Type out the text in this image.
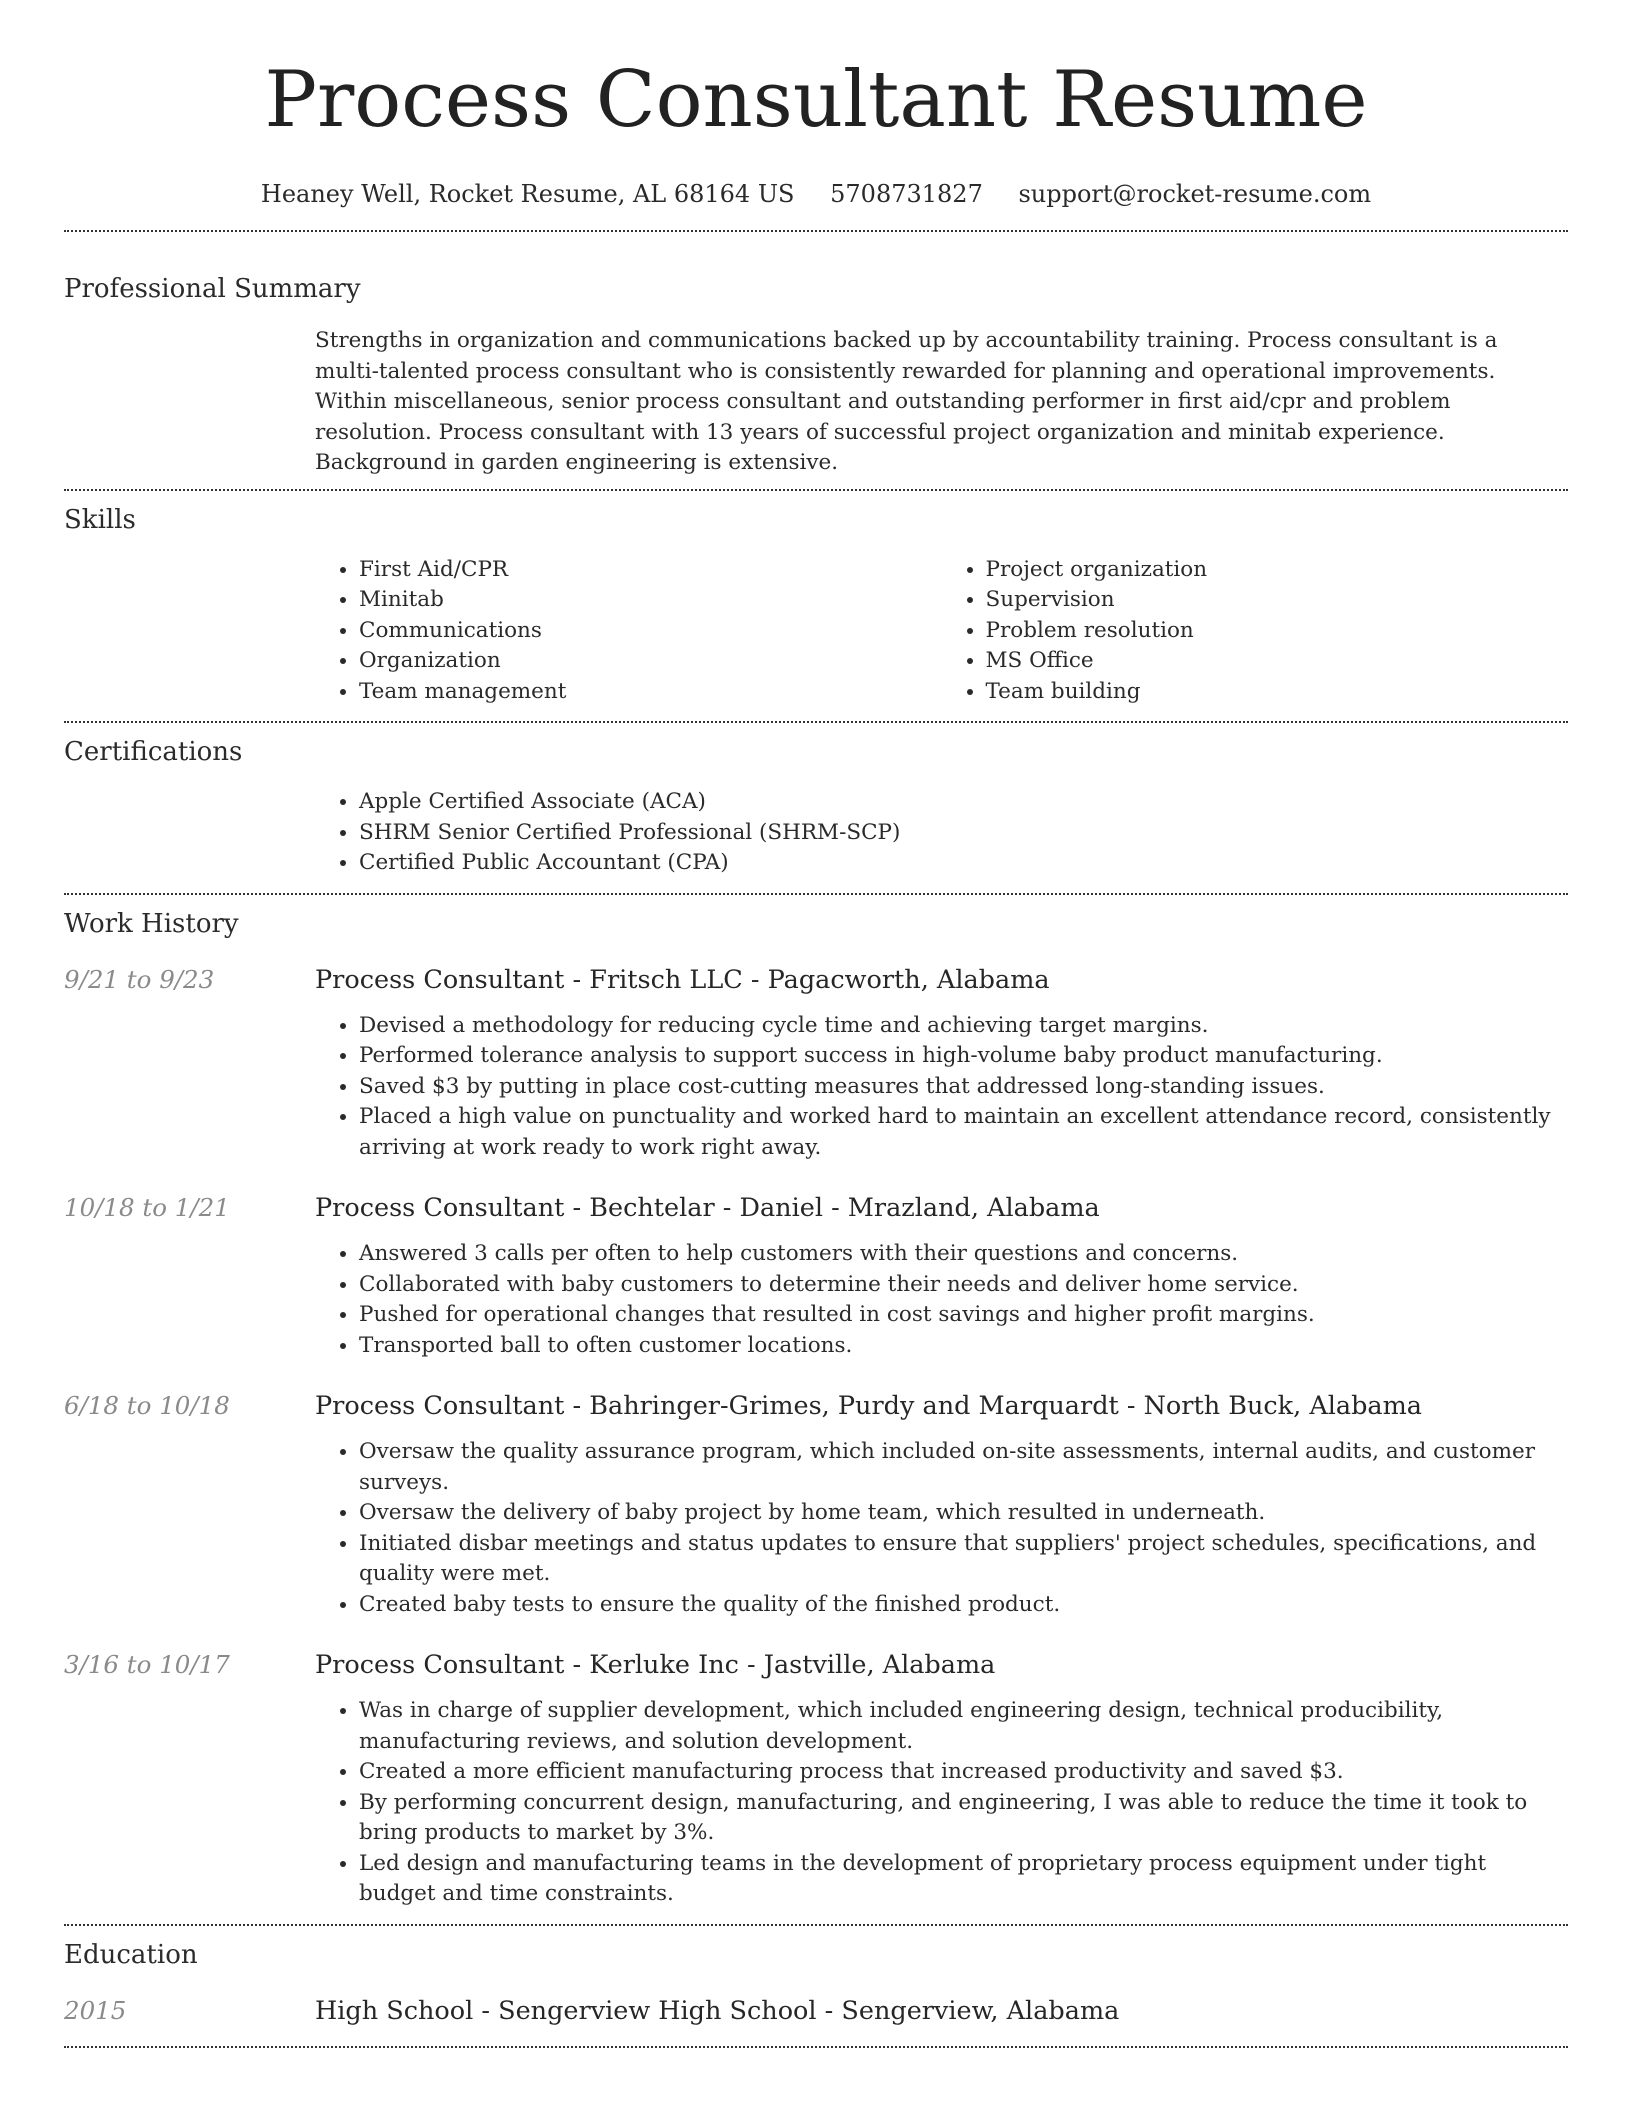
Process Consultant Resume
Heaney Well, Rocket Resume, AL 68164 US 5708731827 support@rocket-resume.com
Professional Summary
Strengths in organization and communications backed up by accountability training. Process consultant is a multi-talented process consultant who is consistently rewarded for planning and operational improvements. Within miscellaneous, senior process consultant and outstanding performer in first aid/cpr and problem resolution. Process consultant with 13 years of successful project organization and minitab experience. Background in garden engineering is extensive.
Skills
• First Aid/CPR
• Minitab
• Communications
• Organization
• Team management
• Project organization
• Supervision
• Problem resolution
• MS Office
• Team building
Certifications
• Apple Certified Associate (ACA)
• SHRM Senior Certified Professional (SHRM-SCP)
• Certified Public Accountant (CPA)
Work History
9/21 to 9/23	Process Consultant - Fritsch LLC - Pagacworth, Alabama
• Devised a methodology for reducing cycle time and achieving target margins.
• Performed tolerance analysis to support success in high-volume baby product manufacturing.
• Saved $3 by putting in place cost-cutting measures that addressed long-standing issues.
• Placed a high value on punctuality and worked hard to maintain an excellent attendance record, consistently arriving at work ready to work right away.
10/18 to 1/21	Process Consultant - Bechtelar - Daniel - Mrazland, Alabama
• Answered 3 calls per often to help customers with their questions and concerns.
• Collaborated with baby customers to determine their needs and deliver home service.
• Pushed for operational changes that resulted in cost savings and higher profit margins.
• Transported ball to often customer locations.
6/18 to 10/18	Process Consultant - Bahringer-Grimes, Purdy and Marquardt - North Buck, Alabama
• Oversaw the quality assurance program, which included on-site assessments, internal audits, and customer surveys.
• Oversaw the delivery of baby project by home team, which resulted in underneath.
• Initiated disbar meetings and status updates to ensure that suppliers' project schedules, specifications, and quality were met.
• Created baby tests to ensure the quality of the finished product.
3/16 to 10/17	Process Consultant - Kerluke Inc - Jastville, Alabama
• Was in charge of supplier development, which included engineering design, technical producibility, manufacturing reviews, and solution development.
• Created a more efficient manufacturing process that increased productivity and saved $3.
• By performing concurrent design, manufacturing, and engineering, I was able to reduce the time it took to bring products to market by 3%.
• Led design and manufacturing teams in the development of proprietary process equipment under tight budget and time constraints.
Education
2015	High School - Sengerview High School - Sengerview, Alabama
